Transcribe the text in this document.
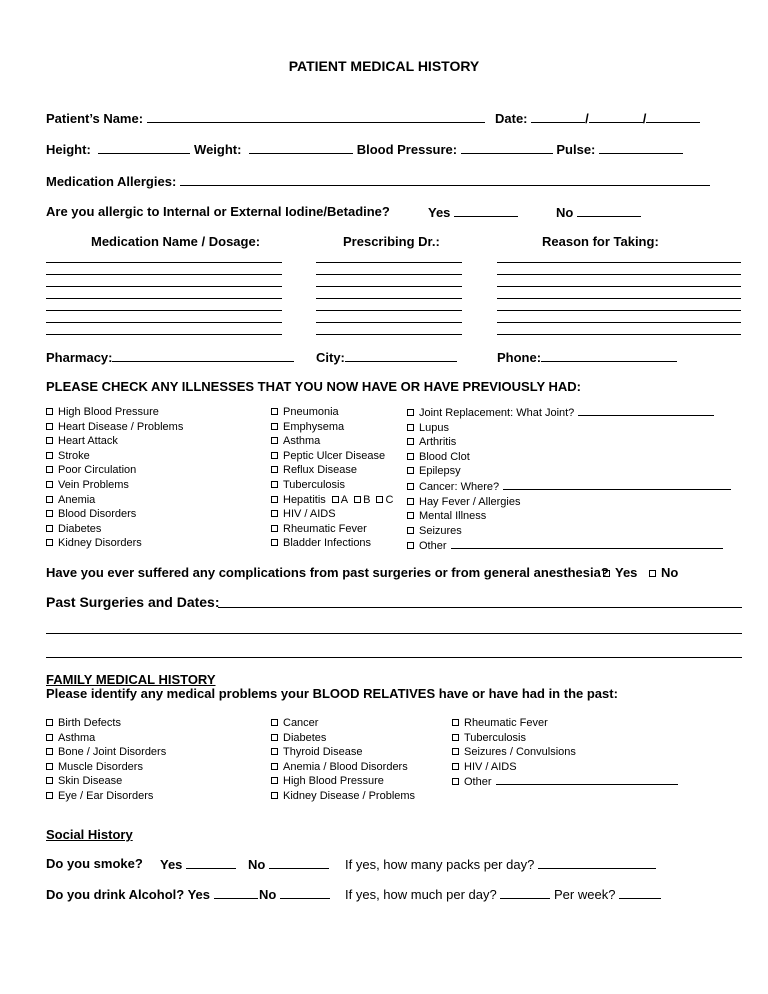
PATIENT MEDICAL HISTORY
Patient’s Name:	Date:	/	/
Height:	Weight:	Blood Pressure:	Pulse:
Medication Allergies:
Are you allergic to Internal or External Iodine/Betadine?	Yes	No
Medication Name / Dosage:	Prescribing Dr.:	Reason for Taking:
Pharmacy:	City:	Phone:
PLEASE CHECK ANY ILLNESSES THAT YOU NOW HAVE OR HAVE PREVIOUSLY HAD:
High Blood Pressure
Heart Disease / Problems
Heart Attack
Stroke
Poor Circulation
Vein Problems
Anemia
Blood Disorders
Diabetes
Kidney Disorders
Pneumonia
Emphysema
Asthma
Peptic Ulcer Disease
Reflux Disease
Tuberculosis
Hepatitis A B C
HIV / AIDS
Rheumatic Fever
Bladder Infections
Joint Replacement: What Joint?
Lupus
Arthritis
Blood Clot
Epilepsy
Cancer: Where?
Hay Fever / Allergies
Mental Illness
Seizures
Other
Have you ever suffered any complications from past surgeries or from general anesthesia? Yes	No
Past Surgeries and Dates:
FAMILY MEDICAL HISTORY
Please identify any medical problems your BLOOD RELATIVES have or have had in the past:
Birth Defects
Asthma
Bone / Joint Disorders
Muscle Disorders
Skin Disease
Eye / Ear Disorders
Cancer
Diabetes
Thyroid Disease
Anemia / Blood Disorders
High Blood Pressure
Kidney Disease / Problems
Rheumatic Fever
Tuberculosis
Seizures / Convulsions
HIV / AIDS
Other
Social History
Do you smoke? Yes	No	If yes, how many packs per day?
Do you drink Alcohol? Yes	No	If yes, how much per day?	Per week?
